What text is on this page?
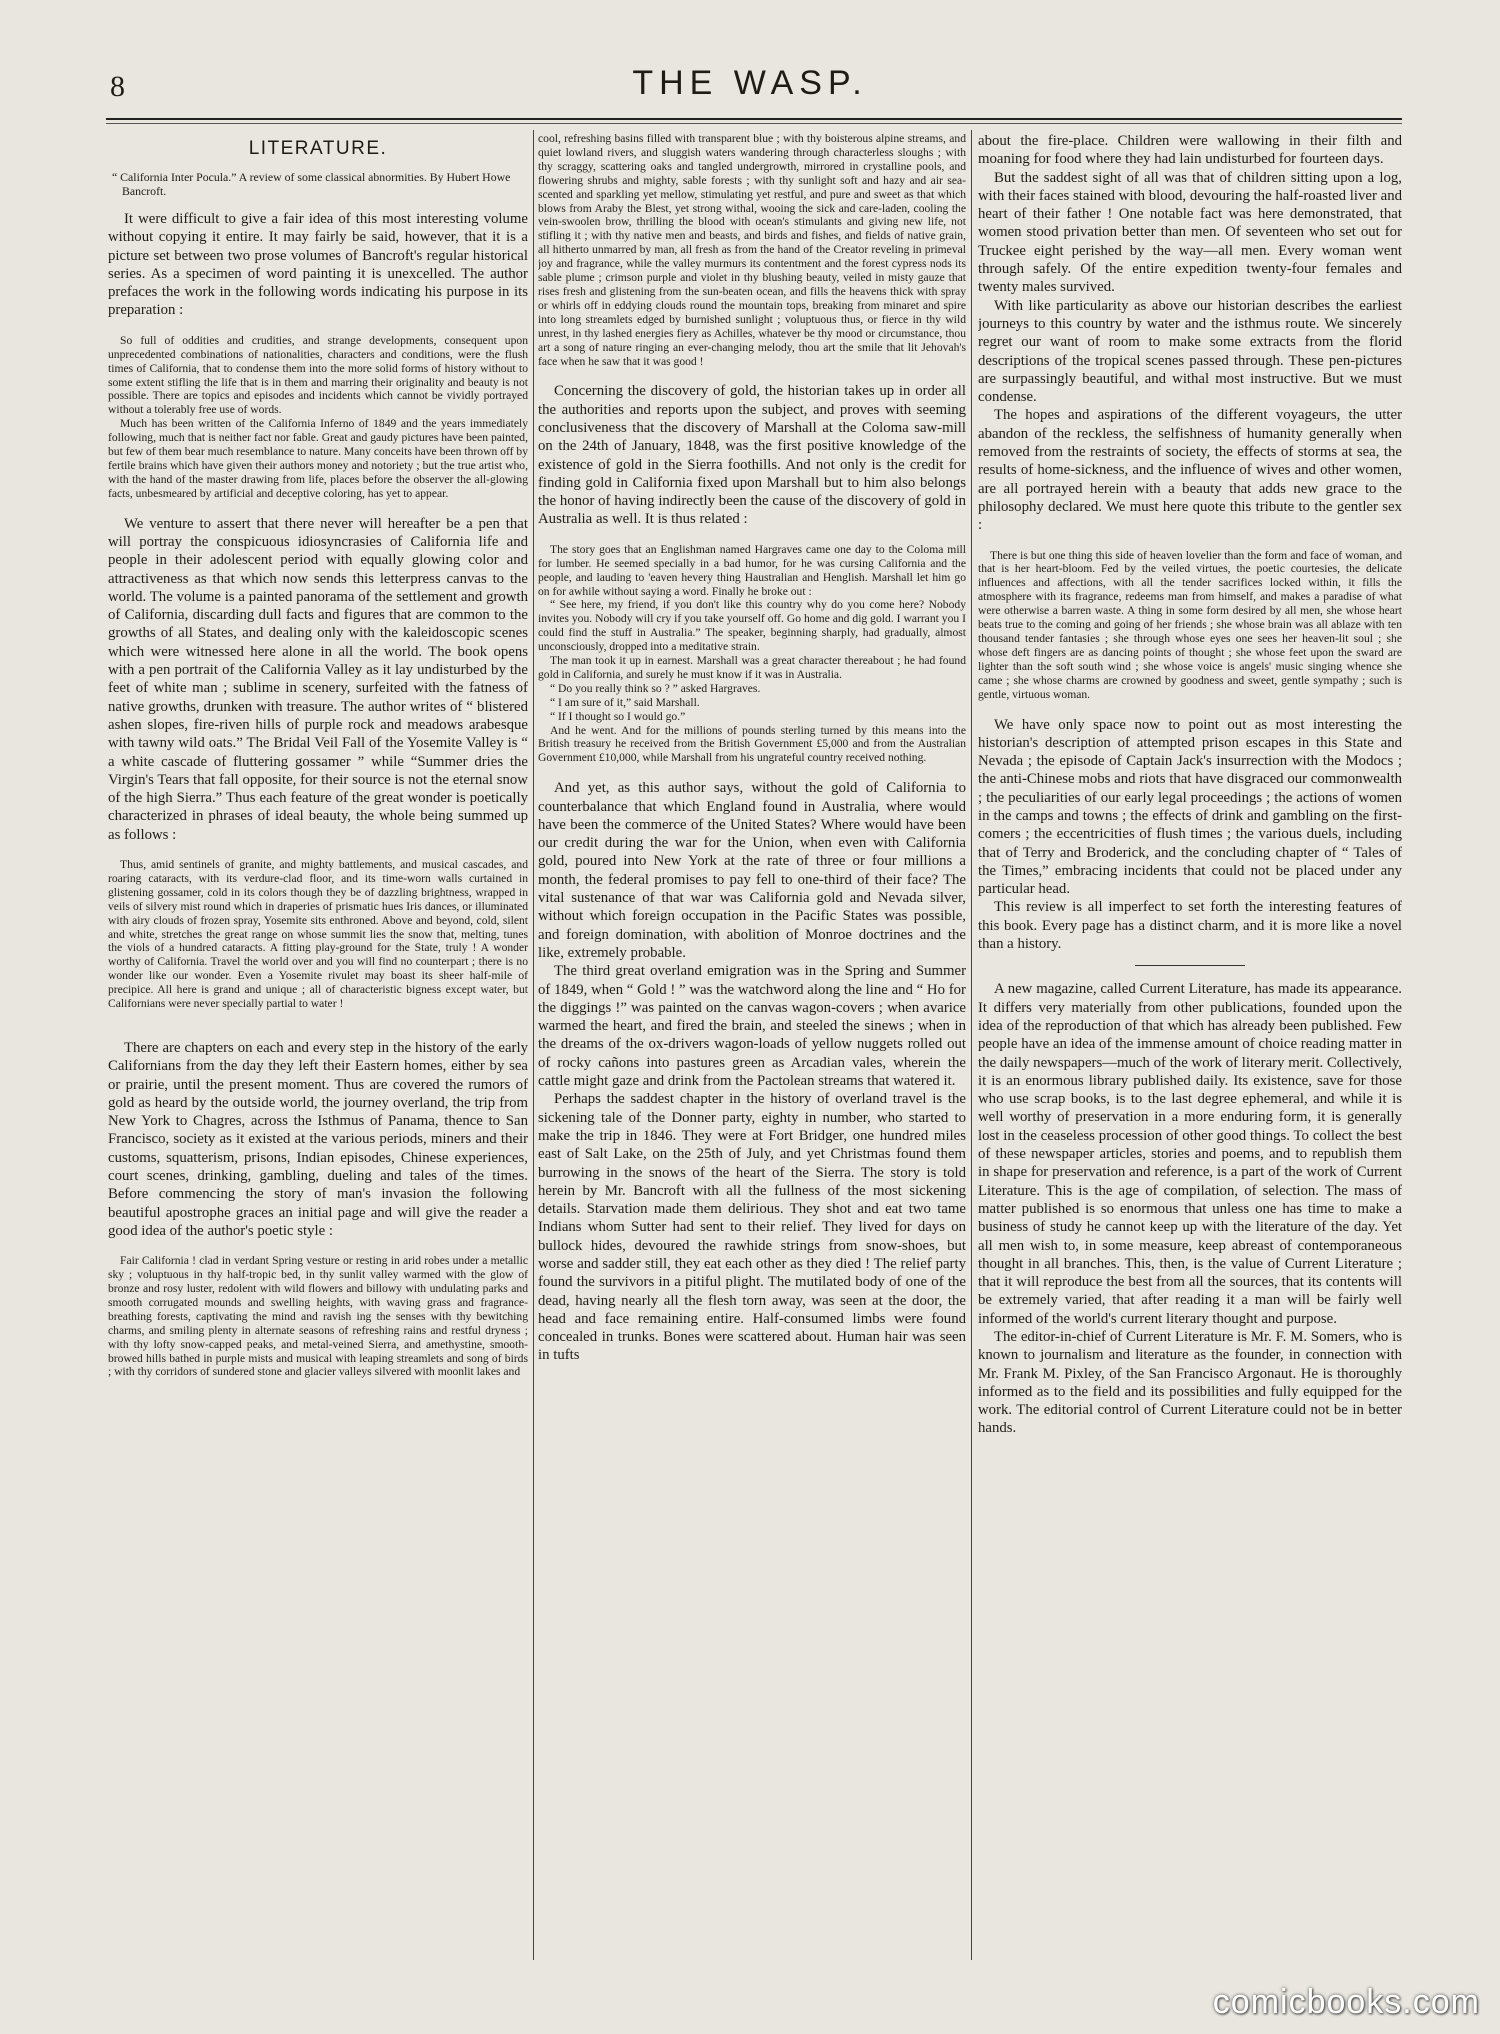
8	THE WASP.
LITERATURE.

“ California Inter Pocula.” A review of some classical abnormities. By Hubert Howe Bancroft.

It were difficult to give a fair idea of this most interesting volume without copying it entire. It may fairly be said, however, that it is a picture set between two prose volumes of Bancroft's regular historical series. As a specimen of word painting it is unexcelled. The author prefaces the work in the following words indicating his purpose in its preparation :

So full of oddities and crudities, and strange developments, consequent upon unprecedented combinations of nationalities, characters and conditions, were the flush times of California, that to condense them into the more solid forms of history without to some extent stifling the life that is in them and marring their originality and beauty is not possible. There are topics and episodes and incidents which cannot be vividly portrayed without a tolerably free use of words.

Much has been written of the California Inferno of 1849 and the years immediately following, much that is neither fact nor fable. Great and gaudy pictures have been painted, but few of them bear much resemblance to nature. Many conceits have been thrown off by fertile brains which have given their authors money and notoriety ; but the true artist who, with the hand of the master drawing from life, places before the observer the all-glowing facts, unbesmeared by artificial and deceptive coloring, has yet to appear.

We venture to assert that there never will hereafter be a pen that will portray the conspicuous idiosyncrasies of California life and people in their adolescent period with equally glowing color and attractiveness as that which now sends this letterpress canvas to the world. The volume is a painted panorama of the settlement and growth of California, discarding dull facts and figures that are common to the growths of all States, and dealing only with the kaleidoscopic scenes which were witnessed here alone in all the world. The book opens with a pen portrait of the California Valley as it lay undisturbed by the feet of white man ; sublime in scenery, surfeited with the fatness of native growths, drunken with treasure. The author writes of “ blistered ashen slopes, fire-riven hills of purple rock and meadows arabesque with tawny wild oats.” The Bridal Veil Fall of the Yosemite Valley is “ a white cascade of fluttering gossamer ” while “Summer dries the Virgin's Tears that fall opposite, for their source is not the eternal snow of the high Sierra.” Thus each feature of the great wonder is poetically characterized in phrases of ideal beauty, the whole being summed up as follows :

Thus, amid sentinels of granite, and mighty battlements, and musical cascades, and roaring cataracts, with its verdure-clad floor, and its time-worn walls curtained in glistening gossamer, cold in its colors though they be of dazzling brightness, wrapped in veils of silvery mist round which in draperies of prismatic hues Iris dances, or illuminated with airy clouds of frozen spray, Yosemite sits enthroned. Above and beyond, cold, silent and white, stretches the great range on whose summit lies the snow that, melting, tunes the viols of a hundred cataracts. A fitting play-ground for the State, truly ! A wonder worthy of California. Travel the world over and you will find no counterpart ; there is no wonder like our wonder. Even a Yosemite rivulet may boast its sheer half-mile of precipice. All here is grand and unique ; all of characteristic bigness except water, but Californians were never specially partial to water !

There are chapters on each and every step in the history of the early Californians from the day they left their Eastern homes, either by sea or prairie, until the present moment. Thus are covered the rumors of gold as heard by the outside world, the journey overland, the trip from New York to Chagres, across the Isthmus of Panama, thence to San Francisco, society as it existed at the various periods, miners and their customs, squatterism, prisons, Indian episodes, Chinese experiences, court scenes, drinking, gambling, dueling and tales of the times. Before commencing the story of man's invasion the following beautiful apostrophe graces an initial page and will give the reader a good idea of the author's poetic style :

Fair California ! clad in verdant Spring vesture or resting in arid robes under a metallic sky ; voluptuous in thy half-tropic bed, in thy sunlit valley warmed with the glow of bronze and rosy luster, redolent with wild flowers and billowy with undulating parks and smooth corrugated mounds and swelling heights, with waving grass and fragrance-breathing forests, captivating the mind and ravish ing the senses with thy bewitching charms, and smiling plenty in alternate seasons of refreshing rains and restful dryness ; with thy lofty snow-capped peaks, and metal-veined Sierra, and amethystine, smooth-browed hills bathed in purple mists and musical with leaping streamlets and song of birds ; with thy corridors of sundered stone and glacier valleys silvered with moonlit lakes and

cool, refreshing basins filled with transparent blue ; with thy boisterous alpine streams, and quiet lowland rivers, and sluggish waters wandering through characterless sloughs ; with thy scraggy, scattering oaks and tangled undergrowth, mirrored in crystalline pools, and flowering shrubs and mighty, sable forests ; with thy sunlight soft and hazy and air sea-scented and sparkling yet mellow, stimulating yet restful, and pure and sweet as that which blows from Araby the Blest, yet strong withal, wooing the sick and care-laden, cooling the vein-swoolen brow, thrilling the blood with ocean's stimulants and giving new life, not stifling it ; with thy native men and beasts, and birds and fishes, and fields of native grain, all hitherto unmarred by man, all fresh as from the hand of the Creator reveling in primeval joy and fragrance, while the valley murmurs its contentment and the forest cypress nods its sable plume ; crimson purple and violet in thy blushing beauty, veiled in misty gauze that rises fresh and glistening from the sun-beaten ocean, and fills the heavens thick with spray or whirls off in eddying clouds round the mountain tops, breaking from minaret and spire into long streamlets edged by burnished sunlight ; voluptuous thus, or fierce in thy wild unrest, in thy lashed energies fiery as Achilles, whatever be thy mood or circumstance, thou art a song of nature ringing an ever-changing melody, thou art the smile that lit Jehovah's face when he saw that it was good !

Concerning the discovery of gold, the historian takes up in order all the authorities and reports upon the subject, and proves with seeming conclusiveness that the discovery of Marshall at the Coloma saw-mill on the 24th of January, 1848, was the first positive knowledge of the existence of gold in the Sierra foothills. And not only is the credit for finding gold in California fixed upon Marshall but to him also belongs the honor of having indirectly been the cause of the discovery of gold in Australia as well. It is thus related :

The story goes that an Englishman named Hargraves came one day to the Coloma mill for lumber. He seemed specially in a bad humor, for he was cursing California and the people, and lauding to 'eaven hevery thing Haustralian and Henglish. Marshall let him go on for awhile without saying a word. Finally he broke out :

“ See here, my friend, if you don't like this country why do you come here? Nobody invites you. Nobody will cry if you take yourself off. Go home and dig gold. I warrant you I could find the stuff in Australia.” The speaker, beginning sharply, had gradually, almost unconsciously, dropped into a meditative strain.

The man took it up in earnest. Marshall was a great character thereabout ; he had found gold in California, and surely he must know if it was in Australia.

“ Do you really think so ? ” asked Hargraves.

“ I am sure of it,” said Marshall.

“ If I thought so I would go.”

And he went. And for the millions of pounds sterling turned by this means into the British treasury he received from the British Government £5,000 and from the Australian Government £10,000, while Marshall from his ungrateful country received nothing.

And yet, as this author says, without the gold of California to counterbalance that which England found in Australia, where would have been the commerce of the United States? Where would have been our credit during the war for the Union, when even with California gold, poured into New York at the rate of three or four millions a month, the federal promises to pay fell to one-third of their face? The vital sustenance of that war was California gold and Nevada silver, without which foreign occupation in the Pacific States was possible, and foreign domination, with abolition of Monroe doctrines and the like, extremely probable.

The third great overland emigration was in the Spring and Summer of 1849, when “ Gold ! ” was the watchword along the line and “ Ho for the diggings !” was painted on the canvas wagon-covers ; when avarice warmed the heart, and fired the brain, and steeled the sinews ; when in the dreams of the ox-drivers wagon-loads of yellow nuggets rolled out of rocky cañons into pastures green as Arcadian vales, wherein the cattle might gaze and drink from the Pactolean streams that watered it.

Perhaps the saddest chapter in the history of overland travel is the sickening tale of the Donner party, eighty in number, who started to make the trip in 1846. They were at Fort Bridger, one hundred miles east of Salt Lake, on the 25th of July, and yet Christmas found them burrowing in the snows of the heart of the Sierra. The story is told herein by Mr. Bancroft with all the fullness of the most sickening details. Starvation made them delirious. They shot and eat two tame Indians whom Sutter had sent to their relief. They lived for days on bullock hides, devoured the rawhide strings from snow-shoes, but worse and sadder still, they eat each other as they died ! The relief party found the survivors in a pitiful plight. The mutilated body of one of the dead, having nearly all the flesh torn away, was seen at the door, the head and face remaining entire. Half-consumed limbs were found concealed in trunks. Bones were scattered about. Human hair was seen in tufts

about the fire-place. Children were wallowing in their filth and moaning for food where they had lain undisturbed for fourteen days.

But the saddest sight of all was that of children sitting upon a log, with their faces stained with blood, devouring the half-roasted liver and heart of their father ! One notable fact was here demonstrated, that women stood privation better than men. Of seventeen who set out for Truckee eight perished by the way—all men. Every woman went through safely. Of the entire expedition twenty-four females and twenty males survived.

With like particularity as above our historian describes the earliest journeys to this country by water and the isthmus route. We sincerely regret our want of room to make some extracts from the florid descriptions of the tropical scenes passed through. These pen-pictures are surpassingly beautiful, and withal most instructive. But we must condense.

The hopes and aspirations of the different voyageurs, the utter abandon of the reckless, the selfishness of humanity generally when removed from the restraints of society, the effects of storms at sea, the results of home-sickness, and the influence of wives and other women, are all portrayed herein with a beauty that adds new grace to the philosophy declared. We must here quote this tribute to the gentler sex :

There is but one thing this side of heaven lovelier than the form and face of woman, and that is her heart-bloom. Fed by the veiled virtues, the poetic courtesies, the delicate influences and affections, with all the tender sacrifices locked within, it fills the atmosphere with its fragrance, redeems man from himself, and makes a paradise of what were otherwise a barren waste. A thing in some form desired by all men, she whose heart beats true to the coming and going of her friends ; she whose brain was all ablaze with ten thousand tender fantasies ; she through whose eyes one sees her heaven-lit soul ; she whose deft fingers are as dancing points of thought ; she whose feet upon the sward are lighter than the soft south wind ; she whose voice is angels' music singing whence she came ; she whose charms are crowned by goodness and sweet, gentle sympathy ; such is gentle, virtuous woman.

We have only space now to point out as most interesting the historian's description of attempted prison escapes in this State and Nevada ; the episode of Captain Jack's insurrection with the Modocs ; the anti-Chinese mobs and riots that have disgraced our commonwealth ; the peculiarities of our early legal proceedings ; the actions of women in the camps and towns ; the effects of drink and gambling on the first-comers ; the eccentricities of flush times ; the various duels, including that of Terry and Broderick, and the concluding chapter of “ Tales of the Times,” embracing incidents that could not be placed under any particular head.

This review is all imperfect to set forth the interesting features of this book. Every page has a distinct charm, and it is more like a novel than a history.

A new magazine, called Current Literature, has made its appearance. It differs very materially from other publications, founded upon the idea of the reproduction of that which has already been published. Few people have an idea of the immense amount of choice reading matter in the daily newspapers—much of the work of literary merit. Collectively, it is an enormous library published daily. Its existence, save for those who use scrap books, is to the last degree ephemeral, and while it is well worthy of preservation in a more enduring form, it is generally lost in the ceaseless procession of other good things. To collect the best of these newspaper articles, stories and poems, and to republish them in shape for preservation and reference, is a part of the work of Current Literature. This is the age of compilation, of selection. The mass of matter published is so enormous that unless one has time to make a business of study he cannot keep up with the literature of the day. Yet all men wish to, in some measure, keep abreast of contemporaneous thought in all branches. This, then, is the value of Current Literature ; that it will reproduce the best from all the sources, that its contents will be extremely varied, that after reading it a man will be fairly well informed of the world's current literary thought and purpose.

The editor-in-chief of Current Literature is Mr. F. M. Somers, who is known to journalism and literature as the founder, in connection with Mr. Frank M. Pixley, of the San Francisco Argonaut. He is thoroughly informed as to the field and its possibilities and fully equipped for the work. The editorial control of Current Literature could not be in better hands.

comicbooks.com
